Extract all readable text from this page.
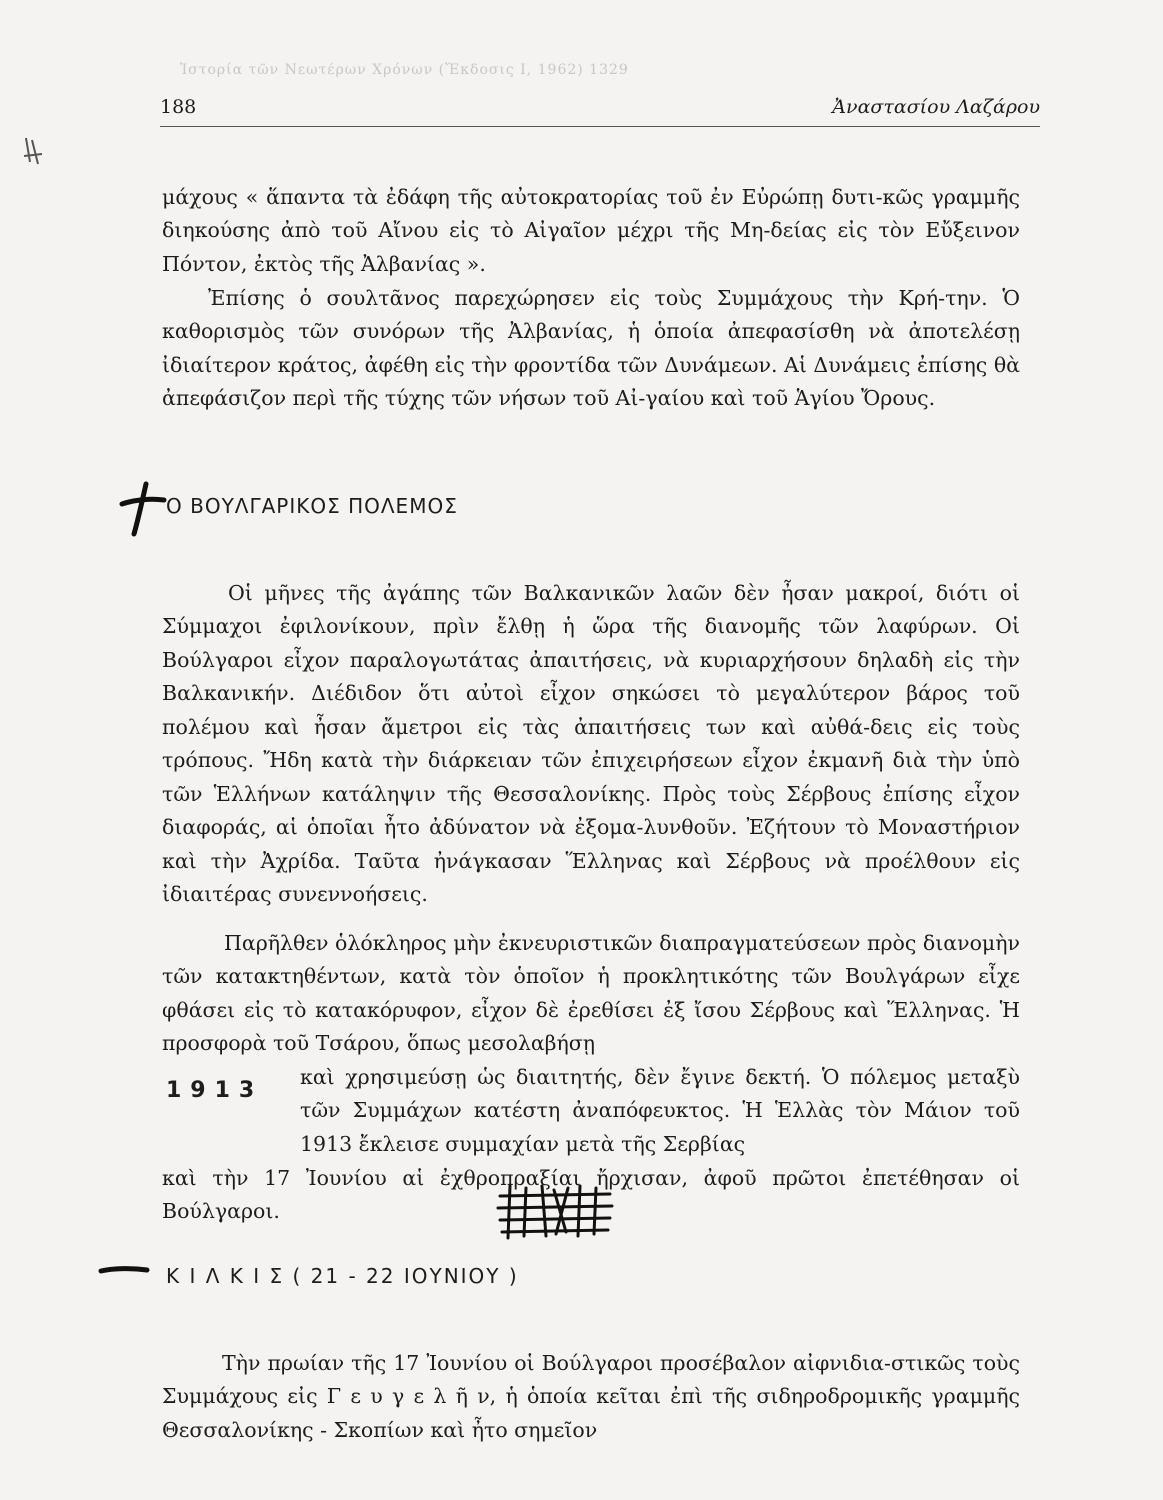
Ἱστορία τῶν Νεωτέρων Χρόνων (Ἔκδοσις Ι, 1962) 1329
188	Ἀναστασίου Λαζάρου

μάχους « ἅπαντα τὰ ἐδάφη τῆς αὐτοκρατορίας τοῦ ἐν Εὐρώπῃ δυτι-κῶς γραμμῆς διηκούσης ἀπὸ τοῦ Αἴνου εἰς τὸ Αἰγαῖον μέχρι τῆς Μη-δείας εἰς τὸν Εὔξεινον Πόντον, ἐκτὸς τῆς Ἀλβανίας ».

Ἐπίσης ὁ σουλτᾶνος παρεχώρησεν εἰς τοὺς Συμμάχους τὴν Κρή-την. Ὁ καθορισμὸς τῶν συνόρων τῆς Ἀλβανίας, ἡ ὁποία ἀπεφασίσθη νὰ ἀποτελέσῃ ἰδιαίτερον κράτος, ἀφέθη εἰς τὴν φροντίδα τῶν Δυνάμεων. Αἱ Δυνάμεις ἐπίσης θὰ ἀπεφάσιζον περὶ τῆς τύχης τῶν νήσων τοῦ Αἰ-γαίου καὶ τοῦ Ἁγίου Ὄρους.

Ο ΒΟΥΛΓΑΡΙΚΟΣ ΠΟΛΕΜΟΣ

Οἱ μῆνες τῆς ἀγάπης τῶν Βαλκανικῶν λαῶν δὲν ἦσαν μακροί, διότι οἱ Σύμμαχοι ἐφιλονίκουν, πρὶν ἔλθῃ ἡ ὥρα τῆς διανομῆς τῶν λαφύρων. Οἱ Βούλγαροι εἶχον παραλογωτάτας ἀπαιτήσεις, νὰ κυριαρχήσουν δηλαδὴ εἰς τὴν Βαλκανικήν. Διέδιδον ὅτι αὐτοὶ εἶχον σηκώσει τὸ μεγαλύτερον βάρος τοῦ πολέμου καὶ ἦσαν ἄμετροι εἰς τὰς ἀπαιτήσεις των καὶ αὐθά-δεις εἰς τοὺς τρόπους. Ἤδη κατὰ τὴν διάρκειαν τῶν ἐπιχειρήσεων εἶχον ἐκμανῆ διὰ τὴν ὑπὸ τῶν Ἑλλήνων κατάληψιν τῆς Θεσσαλονίκης. Πρὸς τοὺς Σέρβους ἐπίσης εἶχον διαφοράς, αἱ ὁποῖαι ἦτο ἀδύνατον νὰ ἐξομα-λυνθοῦν. Ἐζήτουν τὸ Μοναστήριον καὶ τὴν Ἀχρίδα. Ταῦτα ἠνάγκασαν Ἕλληνας καὶ Σέρβους νὰ προέλθουν εἰς ἰδιαιτέρας συνεννοήσεις.

Παρῆλθεν ὁλόκληρος μὴν ἐκνευριστικῶν διαπραγματεύσεων πρὸς διανομὴν τῶν κατακτηθέντων, κατὰ τὸν ὁποῖον ἡ προκλητικότης τῶν Βουλγάρων εἶχε φθάσει εἰς τὸ κατακόρυφον, εἶχον δὲ ἐρεθίσει ἐξ ἴσου Σέρβους καὶ Ἕλληνας. Ἡ προσφορὰ τοῦ Τσάρου, ὅπως μεσολαβήσῃ

1913

καὶ χρησιμεύσῃ ὡς διαιτητής, δὲν ἔγινε δεκτή. Ὁ πόλεμος μεταξὺ τῶν Συμμάχων κατέστη ἀναπόφευκτος. Ἡ Ἑλλὰς τὸν Μάιον τοῦ 1913 ἔκλεισε συμμαχίαν μετὰ τῆς Σερβίας

καὶ τὴν 17 Ἰουνίου αἱ ἐχθροπραξίαι ἤρχισαν, ἀφοῦ πρῶτοι ἐπετέθησαν οἱ Βούλγαροι.

Κ Ι Λ Κ Ι Σ ( 21 - 22 ΙΟΥΝΙΟΥ )

Τὴν πρωίαν τῆς 17 Ἰουνίου οἱ Βούλγαροι προσέβαλον αἰφνιδια-στικῶς τοὺς Συμμάχους εἰς Γ ε υ γ ε λ ῆ ν, ἡ ὁποία κεῖται ἐπὶ τῆς σιδηροδρομικῆς γραμμῆς Θεσσαλονίκης - Σκοπίων καὶ ἦτο σημεῖον
